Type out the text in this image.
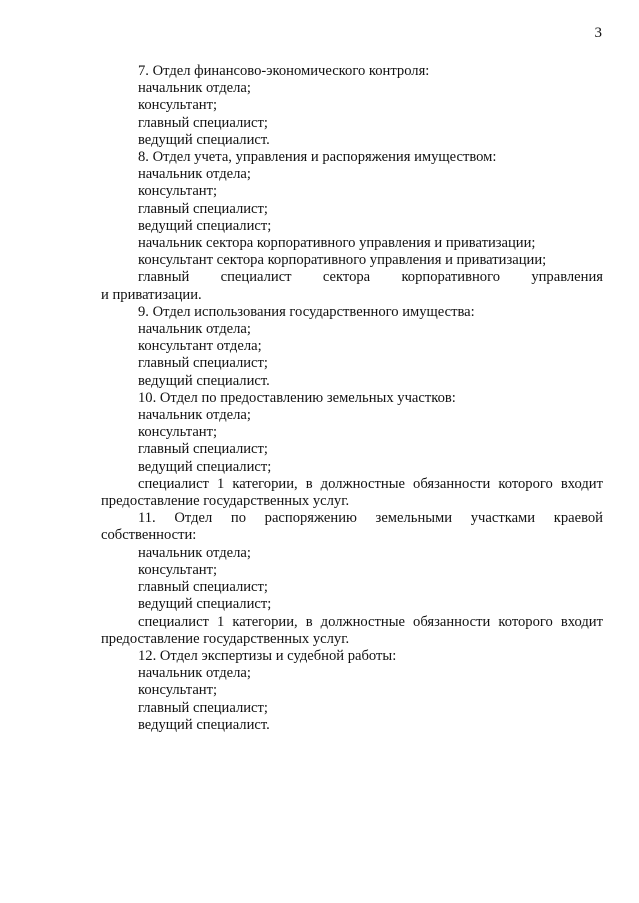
3
7. Отдел финансово-экономического контроля:
начальник отдела;
консультант;
главный специалист;
ведущий специалист.
8. Отдел учета, управления и распоряжения имуществом:
начальник отдела;
консультант;
главный специалист;
ведущий специалист;
начальник сектора корпоративного управления и приватизации;
консультант сектора корпоративного управления и приватизации;
главный специалист сектора корпоративного управления
и приватизации.
9. Отдел использования государственного имущества:
начальник отдела;
консультант отдела;
главный специалист;
ведущий специалист.
10. Отдел по предоставлению земельных участков:
начальник отдела;
консультант;
главный специалист;
ведущий специалист;
специалист 1 категории, в должностные обязанности которого входит
предоставление государственных услуг.
11. Отдел по распоряжению земельными участками краевой
собственности:
начальник отдела;
консультант;
главный специалист;
ведущий специалист;
специалист 1 категории, в должностные обязанности которого входит
предоставление государственных услуг.
12. Отдел экспертизы и судебной работы:
начальник отдела;
консультант;
главный специалист;
ведущий специалист.
